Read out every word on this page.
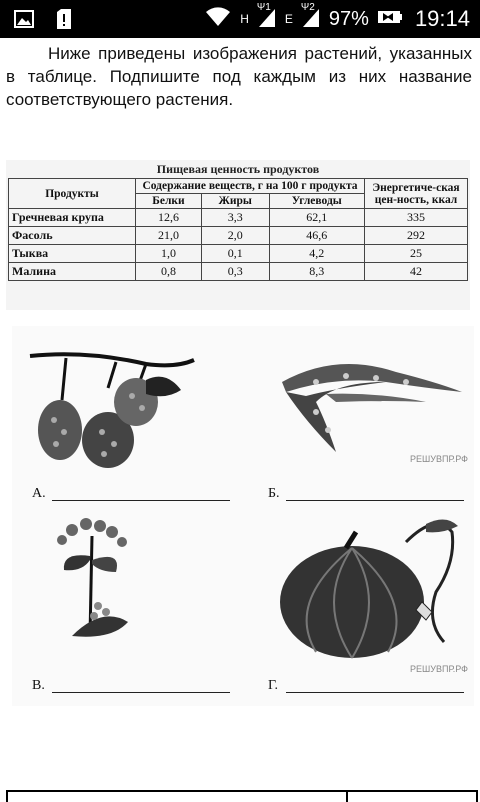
H
Ψ1
E
Ψ2 97% 19:14
Ниже приведены изображения растений, указанных в таблице. Подпишите под каждым из них название соответствующего растения.
Пищевая ценность продуктов
Продукты	Содержание веществ, г на 100 г продукта			Энергетиче-ская цен-ность, ккал
	Белки	Жиры	Углеводы	
Гречневая крупа	12,6	3,3	62,1	335
Фасоль	21,0	2,0	46,6	292
Тыква	1,0	0,1	4,2	25
Малина	0,8	0,3	8,3	42
А.	Б.
РЕШУВПР.РФ
В.	Г.
РЕШУВПР.РФ
